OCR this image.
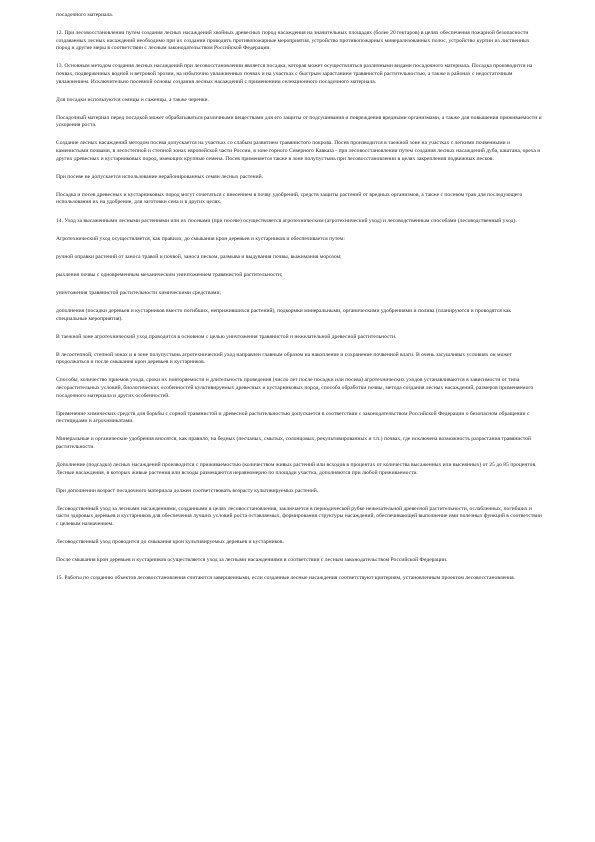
посадочного материала.

12. При лесовосстановлении путем создания лесных насаждений хвойных древесных пород насаждения на значительных площадях (более 20 гектаров) в целях обеспечения пожарной безопасности создаваемых лесных насаждений необходимо при их создании проводить противопожарные мероприятия, устройство противопожарных минерализованных полос, устройство куртин из лиственных пород и другие меры в соответствии с лесным законодательством Российской Федерации.

13. Основным методом создания лесных насаждений при лесовосстановлении является посадка, которая может осуществляться различными видами посадочного материала. Посадка производится на почвах, подверженных водной и ветровой эрозии, на избыточно увлажненных почвах и на участках с быстрым зарастанием травянистой растительностью, а также в районах с недостаточным увлажнением. Исключительно посевной основы создания лесных насаждений с применением селекционного посадочного материала.

Для посадки используются сеянцы и саженцы, а также черенки.

Посадочный материал перед посадкой может обрабатываться различными веществами для его защиты от подсушивания и повреждения вредными организмами, а также для повышения приживаемости и ускорения роста.

Создание лесных насаждений методом посева допускается на участках со слабым развитием травянистого покрова. Посев производится в таежной зоне на участках с легкими почвенными и каменистыми почвами, в лесостепной и степной зонах европейской части России, в зоне горного Северного Кавказа - при лесовосстановлении путем создания лесных насаждений дуба, каштана, ореха и других древесных и кустарниковых пород, имеющих крупные семена. Посев применяется также в зоне полупустынь при лесовосстановлении в целях закрепления подвижных песков.

При посеве не допускается использование нерайонированных семян лесных растений.

Посадка и посев древесных и кустарниковых пород могут сочетаться с внесением в почву удобрений, средств защиты растений от вредных организмов, а также с посевом трав для последующего использования их на удобрение, для заготовки сена и в других целях.

14. Уход за высаженными лесными растениями или их посевами (при посеве) осуществляется агротехническим (агротехнический уход) и лесоводственным способами (лесоводственный уход).

Агротехнический уход осуществляется, как правило, до смыкания крон деревьев и кустарников и обеспечивается путем:

ручной оправки растений от заноса травой и почвой, заноса песком, размыва и выдувания почвы, выжимания морозом;

рыхления почвы с одновременным механическим уничтожением травянистой растительности;

уничтожения травянистой растительности химическими средствами;

дополнения (посадки деревьев и кустарников вместо погибших, неприжившихся растений), подкормки минеральными, органическими удобрениями и полива (планируются и проводятся как специальные мероприятия).

В таежной зоне агротехнический уход проводится в основном с целью уничтожения травянистой и нежелательной древесной растительности.

В лесостепной, степной зонах и в зоне полупустынь агротехнический уход направлен главным образом на накопление и сохранение почвенной влаги. В очень засушливых условиях он может продолжаться и после смыкания крон деревьев и кустарников.

Способы, количество приемов ухода, сроки их повторяемости и длительность проведения (число лет после посадки или посева) агротехнических уходов устанавливаются в зависимости от типа лесорастительных условий, биологических особенностей культивируемых древесных и кустарниковых пород, способа обработки почвы, метода создания лесных насаждений, размеров применяемого посадочного материала и других особенностей.

Применение химических средств для борьбы с сорной травянистой и древесной растительностью допускается в соответствии с законодательством Российской Федерации о безопасном обращении с пестицидами и агрохимикатами.

Минеральные и органические удобрения вносятся, как правило, на бедных (песчаных, смытых, солонцовых, рекультивированных и т.п.) почвах, где исключена возможность разрастания травянистой растительности.

Дополнение (подсадка) лесных насаждений производится с приживаемостью (количеством живых растений или всходов в процентах от количества высаженных или высеянных) от 25 до 85 процентов. Лесные насаждения, в которых живые растения или всходы размещаются неравномерно по площади участка, дополняются при любой приживаемости.

При дополнении возраст посадочного материала должен соответствовать возрасту культивируемых растений.

Лесоводственный уход за лесными насаждениями, созданными в целях лесовосстановления, заключается в периодической рубке нежелательной древесной растительности, ослабленных, погибших и части здоровых деревьев и кустарников для обеспечения лучших условий роста оставляемых, формирования структуры насаждений, обеспечивающей выполнение ими полезных функций в соответствии с целевым назначением.

Лесоводственный уход проводится до смыкания крон культивируемых деревьев и кустарников.

После смыкания крон деревьев и кустарников осуществляется уход за лесными насаждениями в соответствии с лесным законодательством Российской Федерации.

15. Работы по созданию объектов лесовосстановления считаются завершенными, если созданные лесные насаждения соответствуют критериям, установленным проектом лесовосстановления.
